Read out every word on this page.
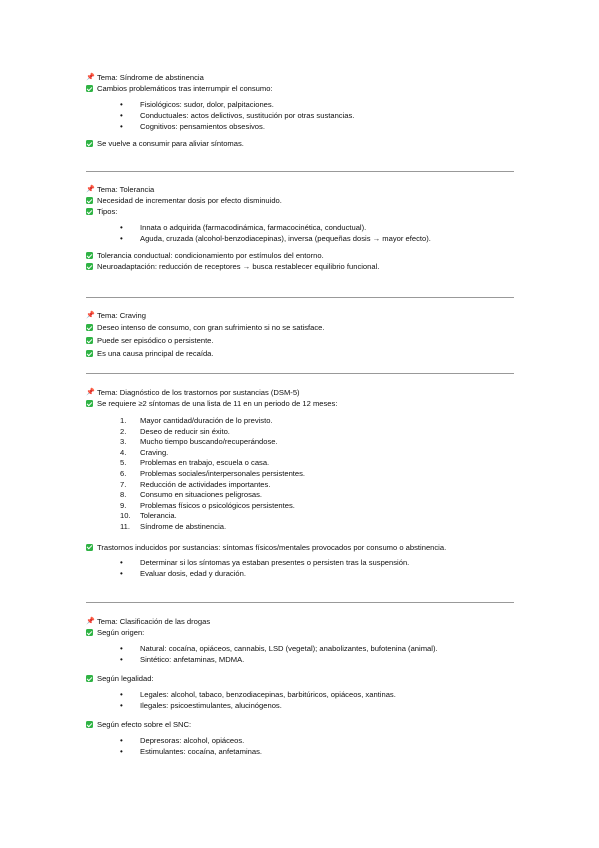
📌 Tema: Síndrome de abstinencia
Cambios problemáticos tras interrumpir el consumo:
• Fisiológicos: sudor, dolor, palpitaciones.
• Conductuales: actos delictivos, sustitución por otras sustancias.
• Cognitivos: pensamientos obsesivos.
Se vuelve a consumir para aliviar síntomas.
📌 Tema: Tolerancia
Necesidad de incrementar dosis por efecto disminuido.
Tipos:
• Innata o adquirida (farmacodinámica, farmacocinética, conductual).
• Aguda, cruzada (alcohol-benzodiacepinas), inversa (pequeñas dosis → mayor efecto).
Tolerancia conductual: condicionamiento por estímulos del entorno.
Neuroadaptación: reducción de receptores → busca restablecer equilibrio funcional.
📌 Tema: Craving
Deseo intenso de consumo, con gran sufrimiento si no se satisface.
Puede ser episódico o persistente.
Es una causa principal de recaída.
📌 Tema: Diagnóstico de los trastornos por sustancias (DSM-5)
Se requiere ≥2 síntomas de una lista de 11 en un periodo de 12 meses:
1. Mayor cantidad/duración de lo previsto.
2. Deseo de reducir sin éxito.
3. Mucho tiempo buscando/recuperándose.
4. Craving.
5. Problemas en trabajo, escuela o casa.
6. Problemas sociales/interpersonales persistentes.
7. Reducción de actividades importantes.
8. Consumo en situaciones peligrosas.
9. Problemas físicos o psicológicos persistentes.
10. Tolerancia.
11. Síndrome de abstinencia.
Trastornos inducidos por sustancias: síntomas físicos/mentales provocados por consumo o abstinencia.
• Determinar si los síntomas ya estaban presentes o persisten tras la suspensión.
• Evaluar dosis, edad y duración.
📌 Tema: Clasificación de las drogas
Según origen:
• Natural: cocaína, opiáceos, cannabis, LSD (vegetal); anabolizantes, bufotenina (animal).
• Sintético: anfetaminas, MDMA.
Según legalidad:
• Legales: alcohol, tabaco, benzodiacepinas, barbitúricos, opiáceos, xantinas.
• Ilegales: psicoestimulantes, alucinógenos.
Según efecto sobre el SNC:
• Depresoras: alcohol, opiáceos.
• Estimulantes: cocaína, anfetaminas.
